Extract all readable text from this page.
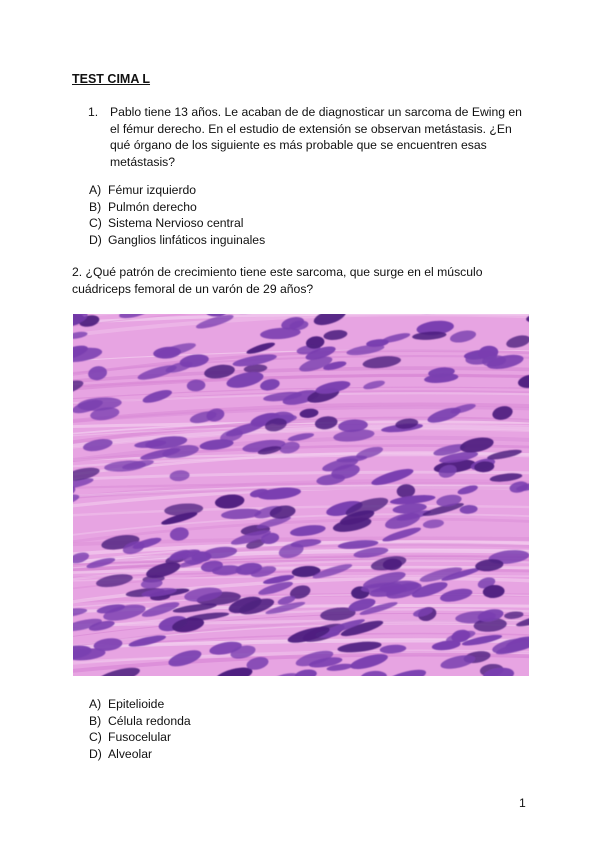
TEST CIMA L
1. Pablo tiene 13 años. Le acaban de de diagnosticar un sarcoma de Ewing en el fémur derecho. En el estudio de extensión se observan metástasis. ¿En qué órgano de los siguiente es más probable que se encuentren esas metástasis?
A) Fémur izquierdo
B) Pulmón derecho
C) Sistema Nervioso central
D) Ganglios linfáticos inguinales
2. ¿Qué patrón de crecimiento tiene este sarcoma, que surge en el músculo cuádriceps femoral de un varón de 29 años?
A) Epitelioide
B) Célula redonda
C) Fusocelular
D) Alveolar
1
